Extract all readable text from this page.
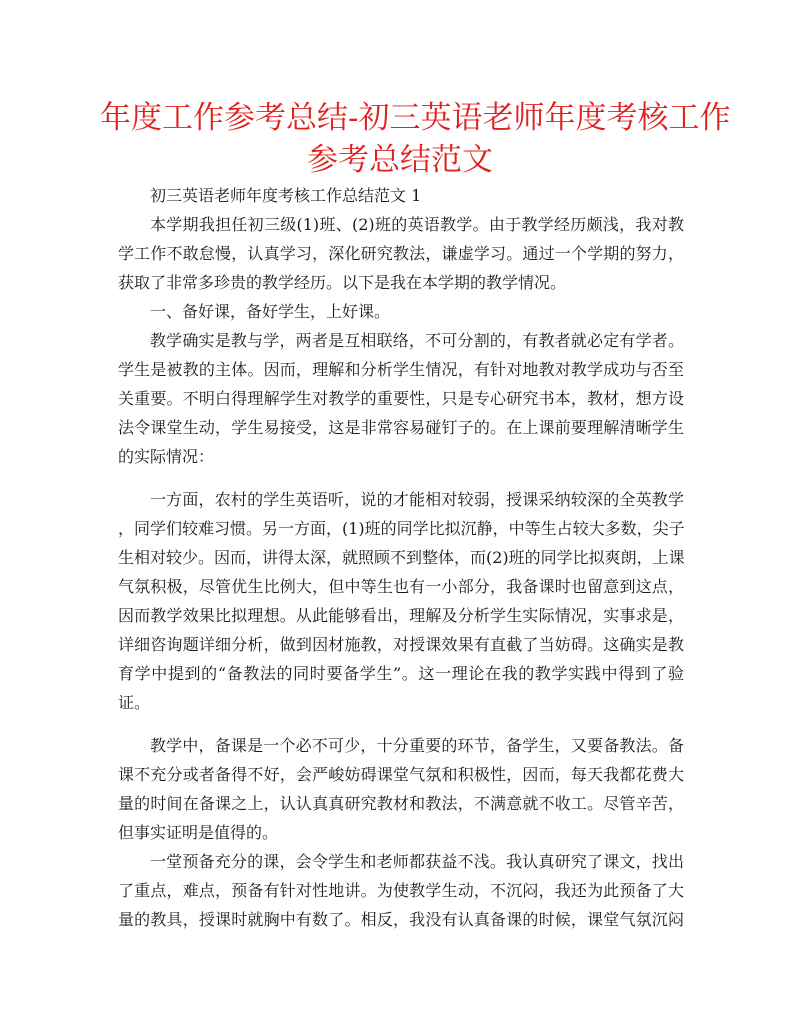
年度工作参考总结-初三英语老师年度考核工作
参考总结范文
初三英语老师年度考核工作总结范文 1
本学期我担任初三级(1)班、(2)班的英语教学。由于教学经历颇浅，我对教
学工作不敢怠慢，认真学习，深化研究教法，谦虚学习。通过一个学期的努力，
获取了非常多珍贵的教学经历。以下是我在本学期的教学情况。
一、备好课，备好学生，上好课。
教学确实是教与学，两者是互相联络，不可分割的，有教者就必定有学者。
学生是被教的主体。因而，理解和分析学生情况，有针对地教对教学成功与否至
关重要。不明白得理解学生对教学的重要性，只是专心研究书本，教材，想方设
法令课堂生动，学生易接受，这是非常容易碰钉子的。在上课前要理解清晰学生
的实际情况：
一方面，农村的学生英语听，说的才能相对较弱，授课采纳较深的全英教学
，同学们较难习惯。另一方面，(1)班的同学比拟沉静，中等生占较大多数，尖子
生相对较少。因而，讲得太深，就照顾不到整体，而(2)班的同学比拟爽朗，上课
气氛积极，尽管优生比例大，但中等生也有一小部分，我备课时也留意到这点，
因而教学效果比拟理想。从此能够看出，理解及分析学生实际情况，实事求是，
详细咨询题详细分析，做到因材施教，对授课效果有直截了当妨碍。这确实是教
育学中提到的“备教法的同时要备学生”。这一理论在我的教学实践中得到了验
证。
教学中，备课是一个必不可少，十分重要的环节，备学生，又要备教法。备
课不充分或者备得不好，会严峻妨碍课堂气氛和积极性，因而，每天我都花费大
量的时间在备课之上，认认真真研究教材和教法，不满意就不收工。尽管辛苦，
但事实证明是值得的。
一堂预备充分的课，会令学生和老师都获益不浅。我认真研究了课文，找出
了重点，难点，预备有针对性地讲。为使教学生动，不沉闷，我还为此预备了大
量的教具，授课时就胸中有数了。相反，我没有认真备课的时候，课堂气氛沉闷
